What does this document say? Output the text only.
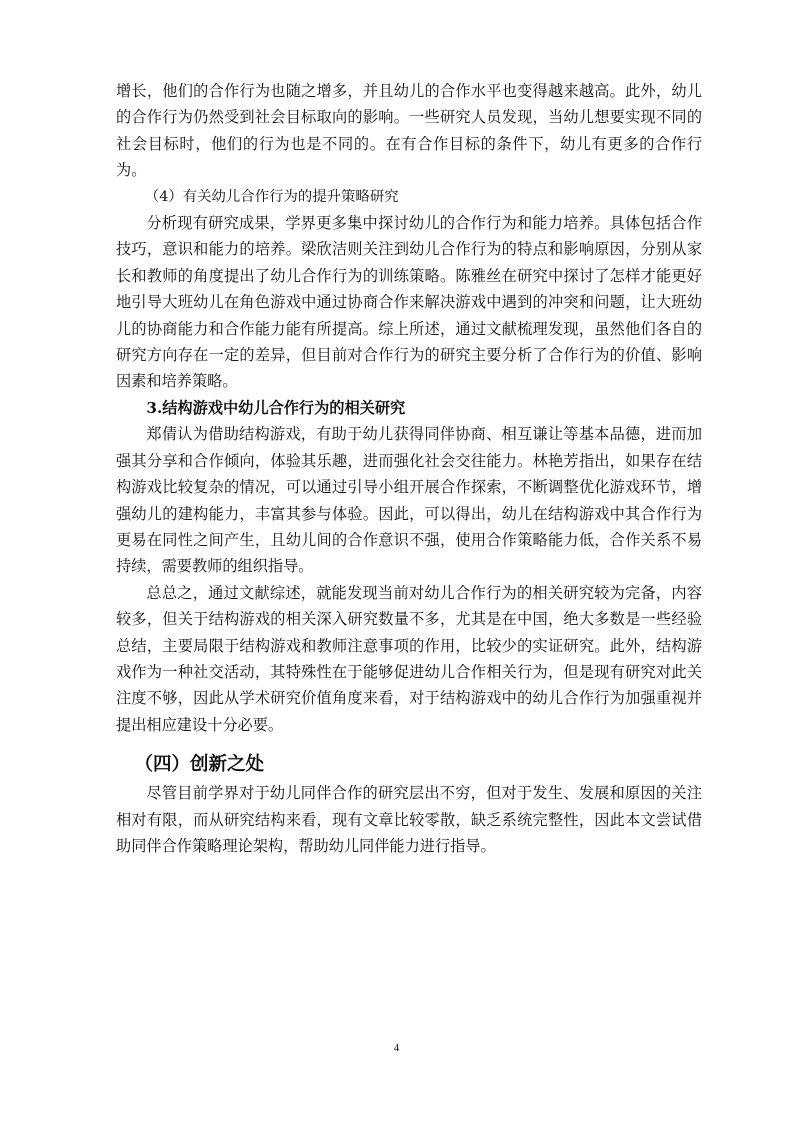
增长，他们的合作行为也随之增多，并且幼儿的合作水平也变得越来越高。此外，幼儿的合作行为仍然受到社会目标取向的影响。一些研究人员发现，当幼儿想要实现不同的社会目标时，他们的行为也是不同的。在有合作目标的条件下，幼儿有更多的合作行为。

（4）有关幼儿合作行为的提升策略研究

分析现有研究成果，学界更多集中探讨幼儿的合作行为和能力培养。具体包括合作技巧，意识和能力的培养。梁欣洁则关注到幼儿合作行为的特点和影响原因，分别从家长和教师的角度提出了幼儿合作行为的训练策略。陈雅丝在研究中探讨了怎样才能更好地引导大班幼儿在角色游戏中通过协商合作来解决游戏中遇到的冲突和问题，让大班幼儿的协商能力和合作能力能有所提高。综上所述，通过文献梳理发现，虽然他们各自的研究方向存在一定的差异，但目前对合作行为的研究主要分析了合作行为的价值、影响因素和培养策略。

3.结构游戏中幼儿合作行为的相关研究

郑倩认为借助结构游戏，有助于幼儿获得同伴协商、相互谦让等基本品德，进而加强其分享和合作倾向，体验其乐趣，进而强化社会交往能力。林艳芳指出，如果存在结构游戏比较复杂的情况，可以通过引导小组开展合作探索，不断调整优化游戏环节，增强幼儿的建构能力，丰富其参与体验。因此，可以得出，幼儿在结构游戏中其合作行为更易在同性之间产生，且幼儿间的合作意识不强，使用合作策略能力低，合作关系不易持续，需要教师的组织指导。

总总之，通过文献综述，就能发现当前对幼儿合作行为的相关研究较为完备，内容较多，但关于结构游戏的相关深入研究数量不多，尤其是在中国，绝大多数是一些经验总结，主要局限于结构游戏和教师注意事项的作用，比较少的实证研究。此外，结构游戏作为一种社交活动，其特殊性在于能够促进幼儿合作相关行为，但是现有研究对此关注度不够，因此从学术研究价值角度来看，对于结构游戏中的幼儿合作行为加强重视并提出相应建设十分必要。

（四）创新之处

尽管目前学界对于幼儿同伴合作的研究层出不穷，但对于发生、发展和原因的关注相对有限，而从研究结构来看，现有文章比较零散，缺乏系统完整性，因此本文尝试借助同伴合作策略理论架构，帮助幼儿同伴能力进行指导。

4
